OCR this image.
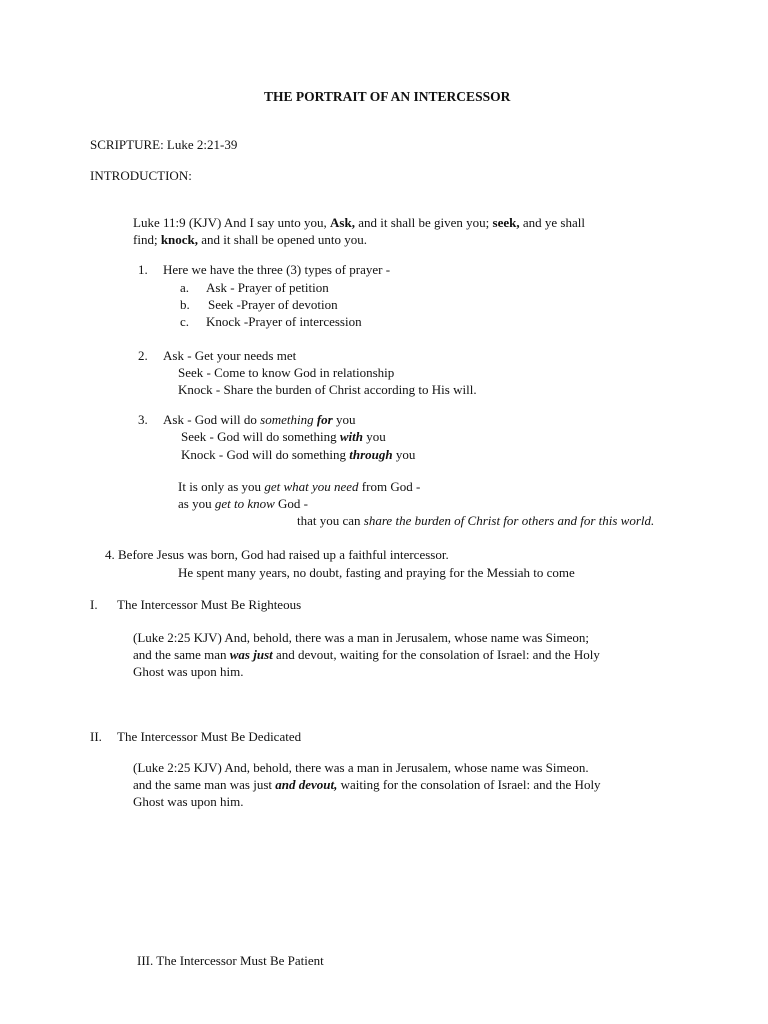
THE PORTRAIT OF AN INTERCESSOR
SCRIPTURE: Luke 2:21-39
INTRODUCTION:
Luke 11:9 (KJV) And I say unto you, Ask, and it shall be given you; seek, and ye shall
find; knock, and it shall be opened unto you.
1. Here we have the three (3) types of prayer -
a. Ask - Prayer of petition
b. Seek -Prayer of devotion
c. Knock -Prayer of intercession
2. Ask - Get your needs met
Seek - Come to know God in relationship
Knock - Share the burden of Christ according to His will.
3. Ask - God will do something for you
Seek - God will do something with you
Knock - God will do something through you
It is only as you get what you need from God -
as you get to know God -
that you can share the burden of Christ for others and for this world.
4. Before Jesus was born, God had raised up a faithful intercessor.
He spent many years, no doubt, fasting and praying for the Messiah to come
I. The Intercessor Must Be Righteous
(Luke 2:25 KJV) And, behold, there was a man in Jerusalem, whose name was Simeon;
and the same man was just and devout, waiting for the consolation of Israel: and the Holy
Ghost was upon him.
II. The Intercessor Must Be Dedicated
(Luke 2:25 KJV) And, behold, there was a man in Jerusalem, whose name was Simeon.
and the same man was just and devout, waiting for the consolation of Israel: and the Holy
Ghost was upon him.
III. The Intercessor Must Be Patient
